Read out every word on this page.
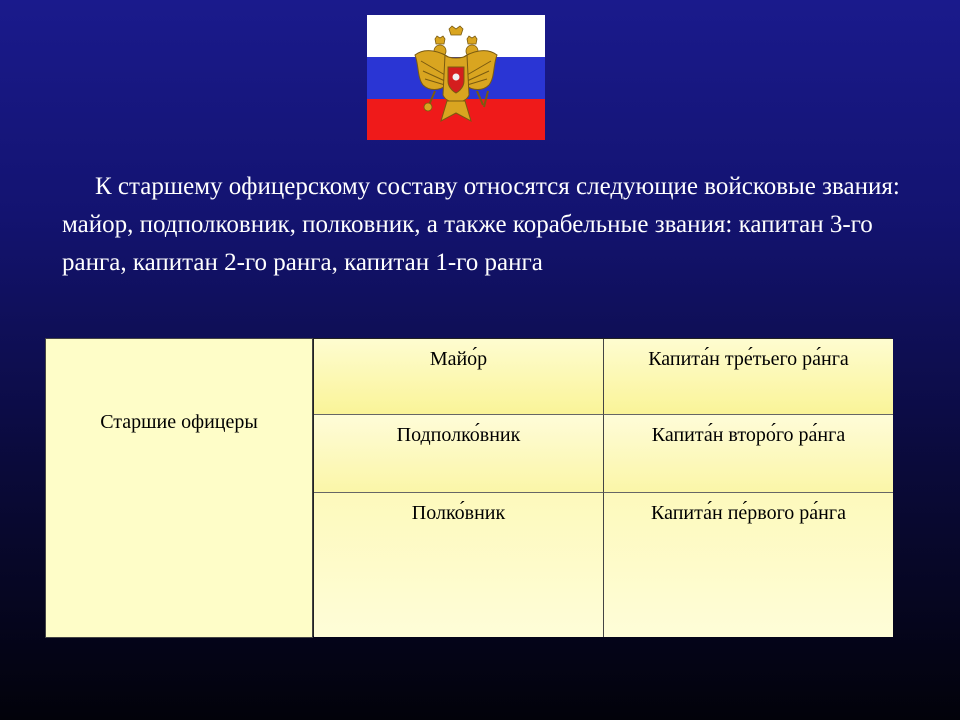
К старшему офицерскому составу относятся следующие войсковые звания: майор, подполковник, полковник, а также корабельные звания: капитан 3-го ранга, капитан 2-го ранга, капитан 1-го ранга

Старшие офицеры
Майо́р	Капита́н тре́тьего ра́нга
Подполко́вник	Капита́н второ́го ра́нга
Полко́вник	Капита́н пе́рвого ра́нга
